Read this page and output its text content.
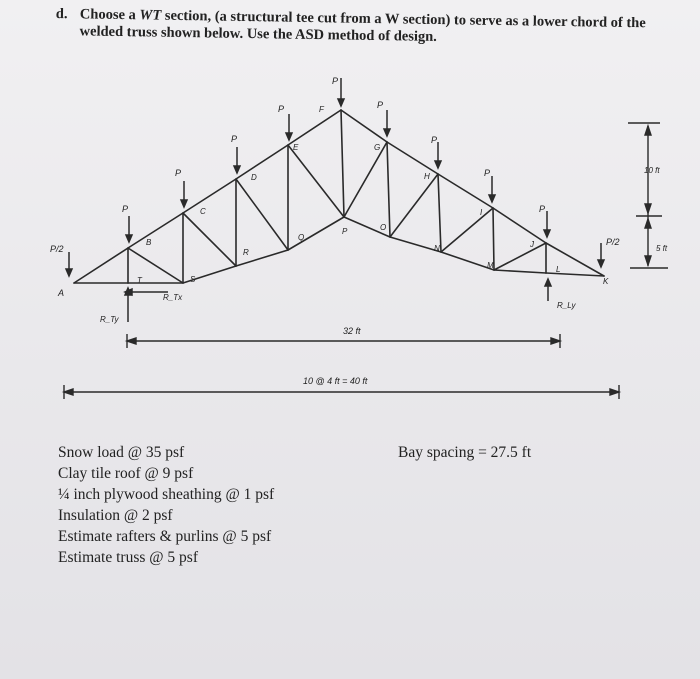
d. Choose a WT section, (a structural tee cut from a W section) to serve as a lower chord of the
welded truss shown below. Use the ASD method of design.
P
P	P
P	P
P	P
P	P
P/2
P/2
A
B
C
D
E
F
G
H
I
J
K
L
M
N
O
P
Q
R
S
T
R_Ty
R_Tx
R_Ly
32 ft
10 @ 4 ft = 40 ft
10 ft
5 ft
Snow load @ 35 psf
Clay tile roof @ 9 psf
¼ inch plywood sheathing @ 1 psf
Insulation @ 2 psf
Estimate rafters & purlins @ 5 psf
Estimate truss @ 5 psf
Bay spacing = 27.5 ft
